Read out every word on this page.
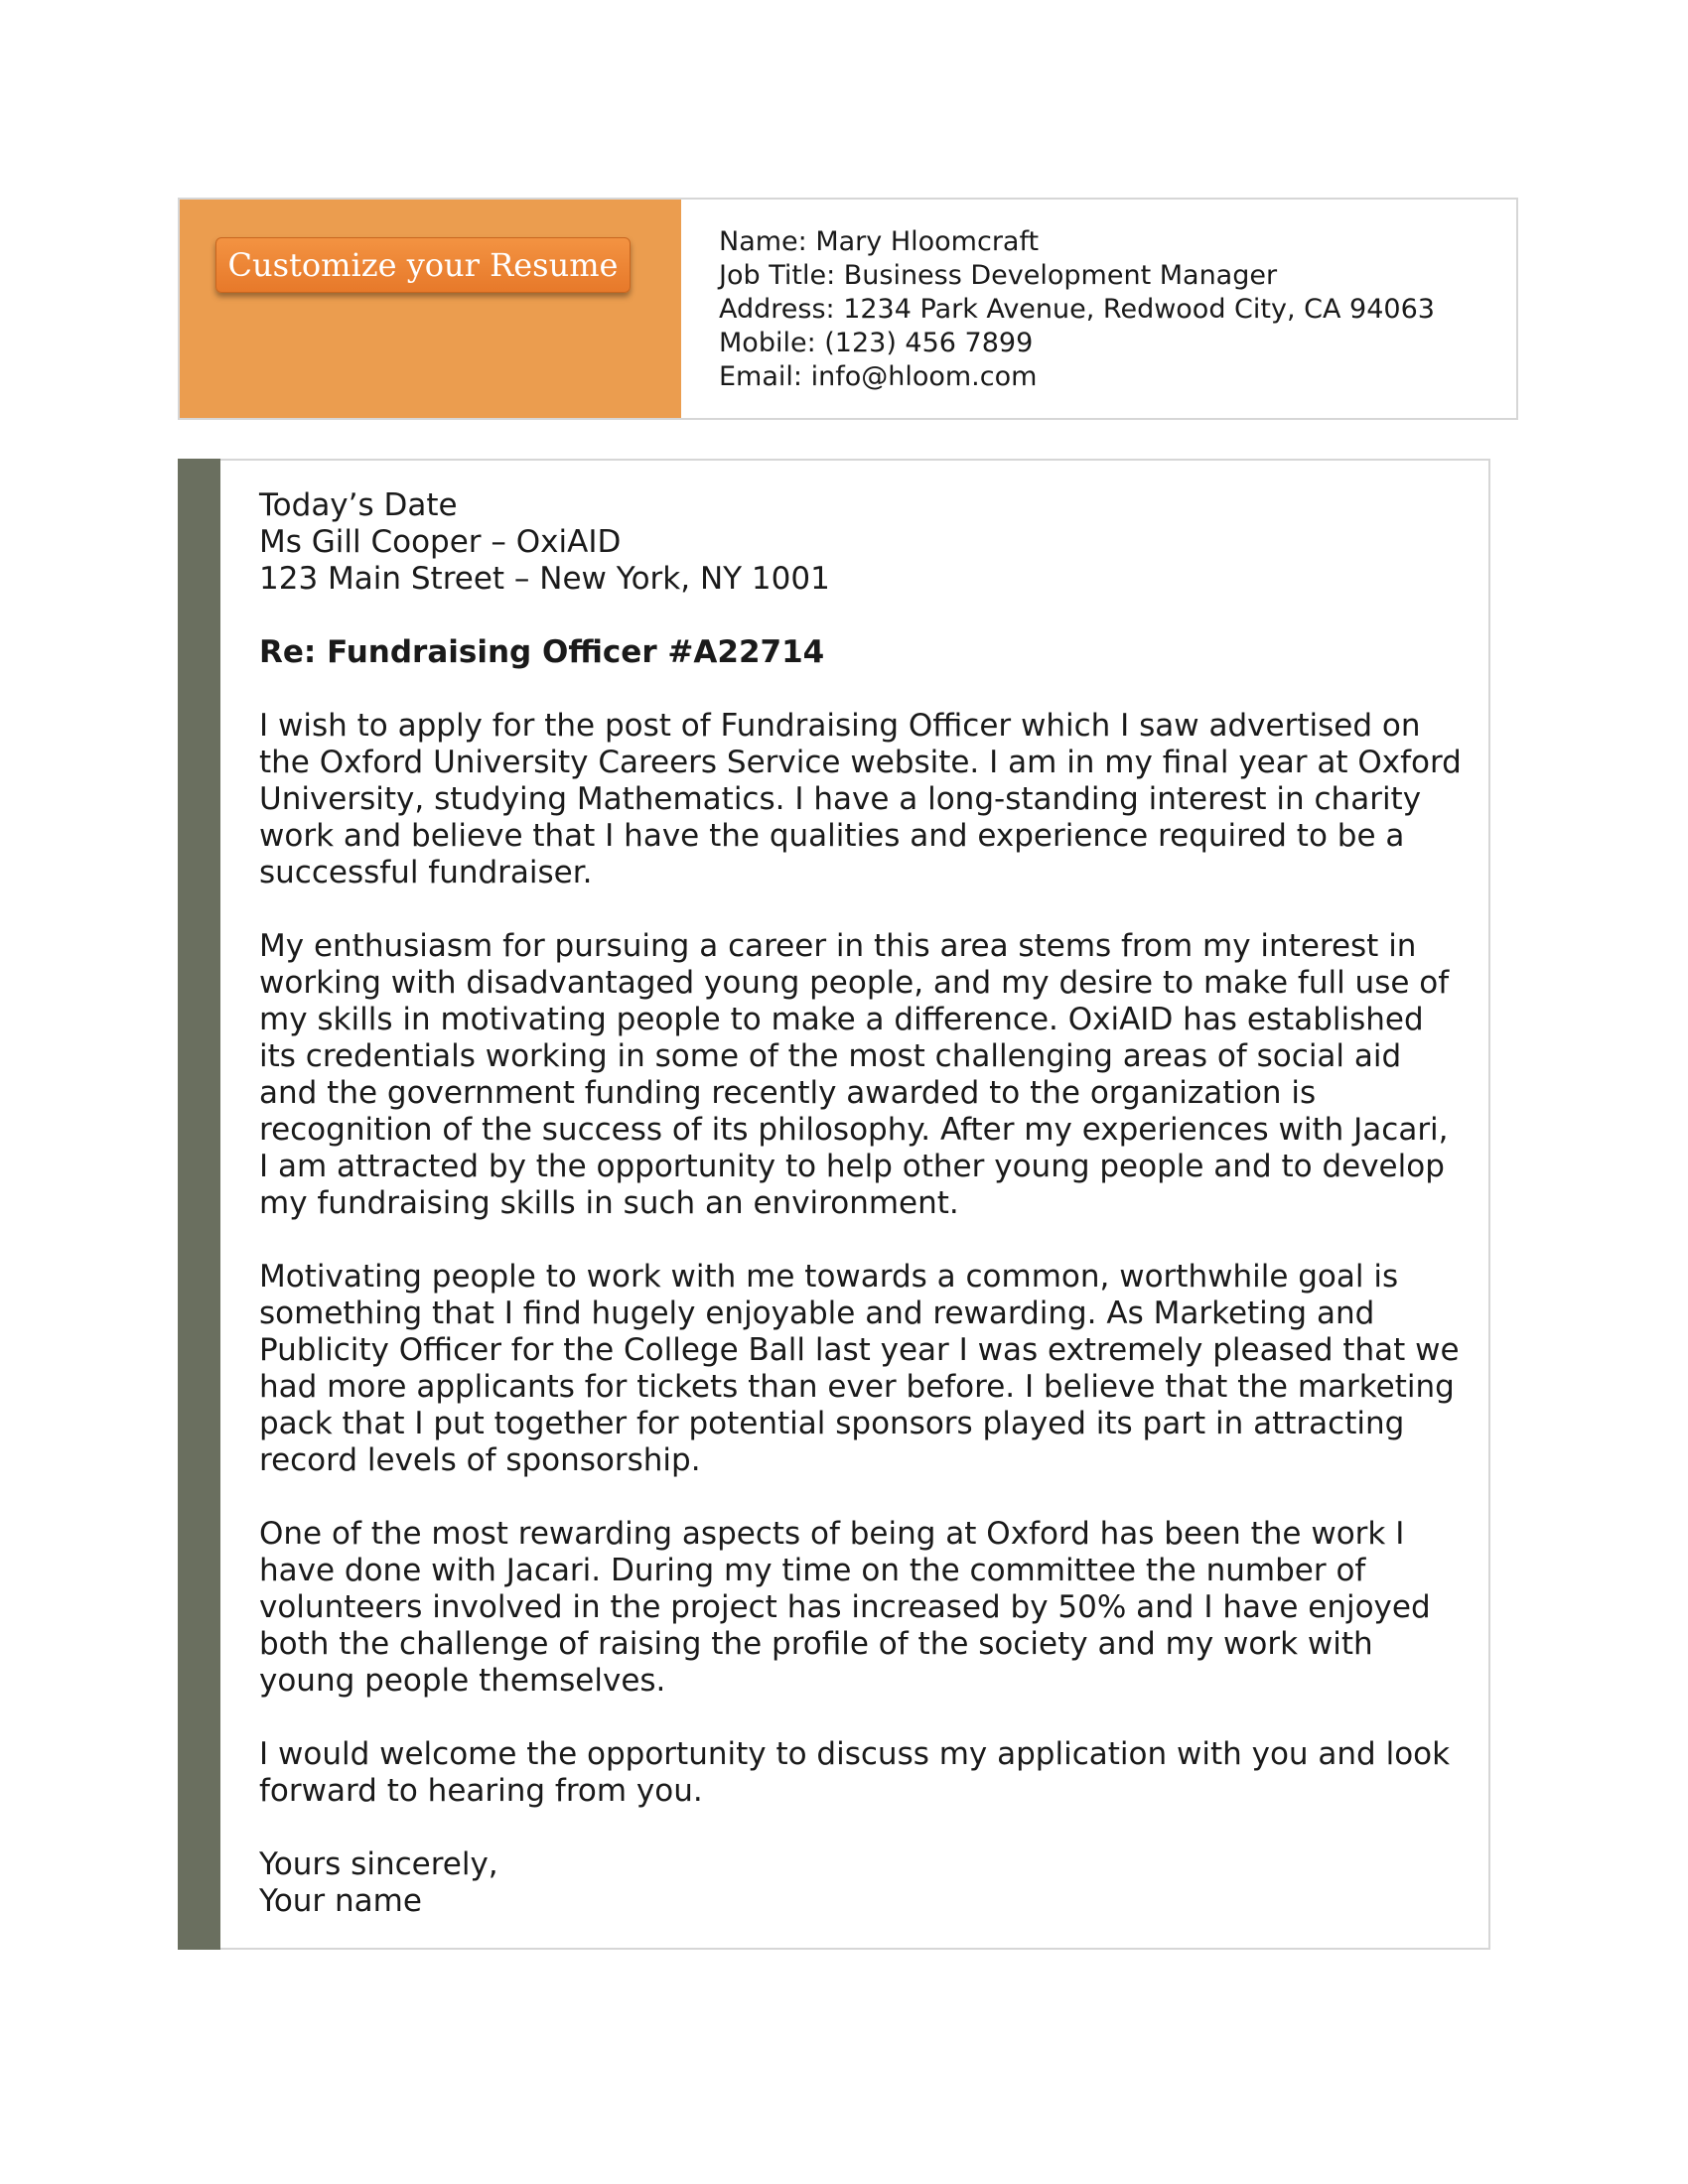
Customize your Resume
Name: Mary Hloomcraft
Job Title: Business Development Manager
Address: 1234 Park Avenue, Redwood City, CA 94063
Mobile: (123) 456 7899
Email: info@hloom.com

Today’s Date

Ms Gill Cooper – OxiAID

123 Main Street – New York, NY 1001

Re: Fundraising Officer #A22714

I wish to apply for the post of Fundraising Officer which I saw advertised on the Oxford University Careers Service website. I am in my final year at Oxford University, studying Mathematics. I have a long-standing interest in charity work and believe that I have the qualities and experience required to be a successful fundraiser.

My enthusiasm for pursuing a career in this area stems from my interest in working with disadvantaged young people, and my desire to make full use of my skills in motivating people to make a difference. OxiAID has established its credentials working in some of the most challenging areas of social aid and the government funding recently awarded to the organization is recognition of the success of its philosophy. After my experiences with Jacari, I am attracted by the opportunity to help other young people and to develop my fundraising skills in such an environment.

Motivating people to work with me towards a common, worthwhile goal is something that I find hugely enjoyable and rewarding. As Marketing and Publicity Officer for the College Ball last year I was extremely pleased that we had more applicants for tickets than ever before. I believe that the marketing pack that I put together for potential sponsors played its part in attracting record levels of sponsorship.

One of the most rewarding aspects of being at Oxford has been the work I have done with Jacari. During my time on the committee the number of volunteers involved in the project has increased by 50% and I have enjoyed both the challenge of raising the profile of the society and my work with young people themselves.

I would welcome the opportunity to discuss my application with you and look forward to hearing from you.

Yours sincerely,

Your name
